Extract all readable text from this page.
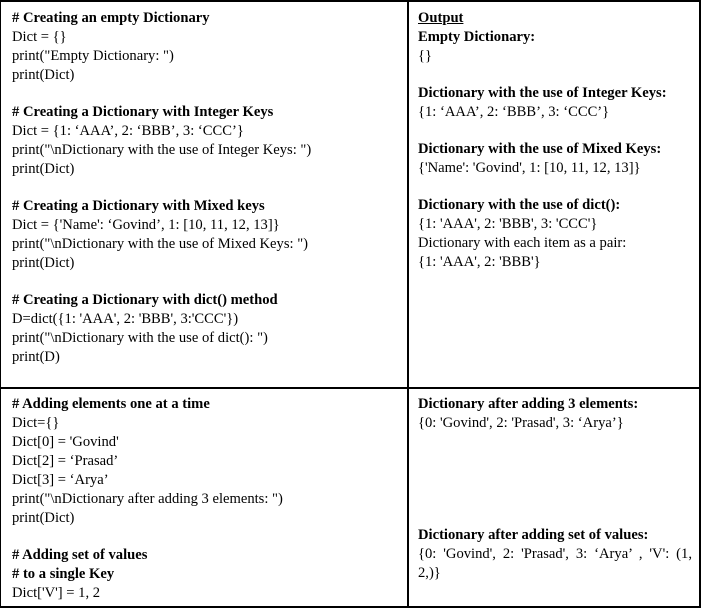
# Creating an empty Dictionary
Dict = {}
print("Empty Dictionary: ")
print(Dict)
# Creating a Dictionary with Integer Keys
Dict = {1: ‘AAA’, 2: ‘BBB’, 3: ‘CCC’}
print("\nDictionary with the use of Integer Keys: ")
print(Dict)
# Creating a Dictionary with Mixed keys
Dict = {'Name': ‘Govind’, 1: [10, 11, 12, 13]}
print("\nDictionary with the use of Mixed Keys: ")
print(Dict)
# Creating a Dictionary with dict() method
D=dict({1: 'AAA', 2: 'BBB', 3:'CCC'})
print("\nDictionary with the use of dict(): ")
print(D)
Output
Empty Dictionary:
{}
Dictionary with the use of Integer Keys:
{1: ‘AAA’, 2: ‘BBB’, 3: ‘CCC’}
Dictionary with the use of Mixed Keys:
{'Name': 'Govind', 1: [10, 11, 12, 13]}
Dictionary with the use of dict():
{1: 'AAA', 2: 'BBB', 3: 'CCC'}
Dictionary with each item as a pair:
{1: 'AAA', 2: 'BBB'}
# Adding elements one at a time
Dict={}
Dict[0] = 'Govind'
Dict[2] = ‘Prasad’
Dict[3] = ‘Arya’
print("\nDictionary after adding 3 elements: ")
print(Dict)
# Adding set of values
# to a single Key
Dict['V'] = 1, 2
Dictionary after adding 3 elements:
{0: 'Govind', 2: 'Prasad', 3: ‘Arya’}
Dictionary after adding set of values:
{0: 'Govind', 2: 'Prasad', 3: ‘Arya’ , 'V': (1, 2,)}
